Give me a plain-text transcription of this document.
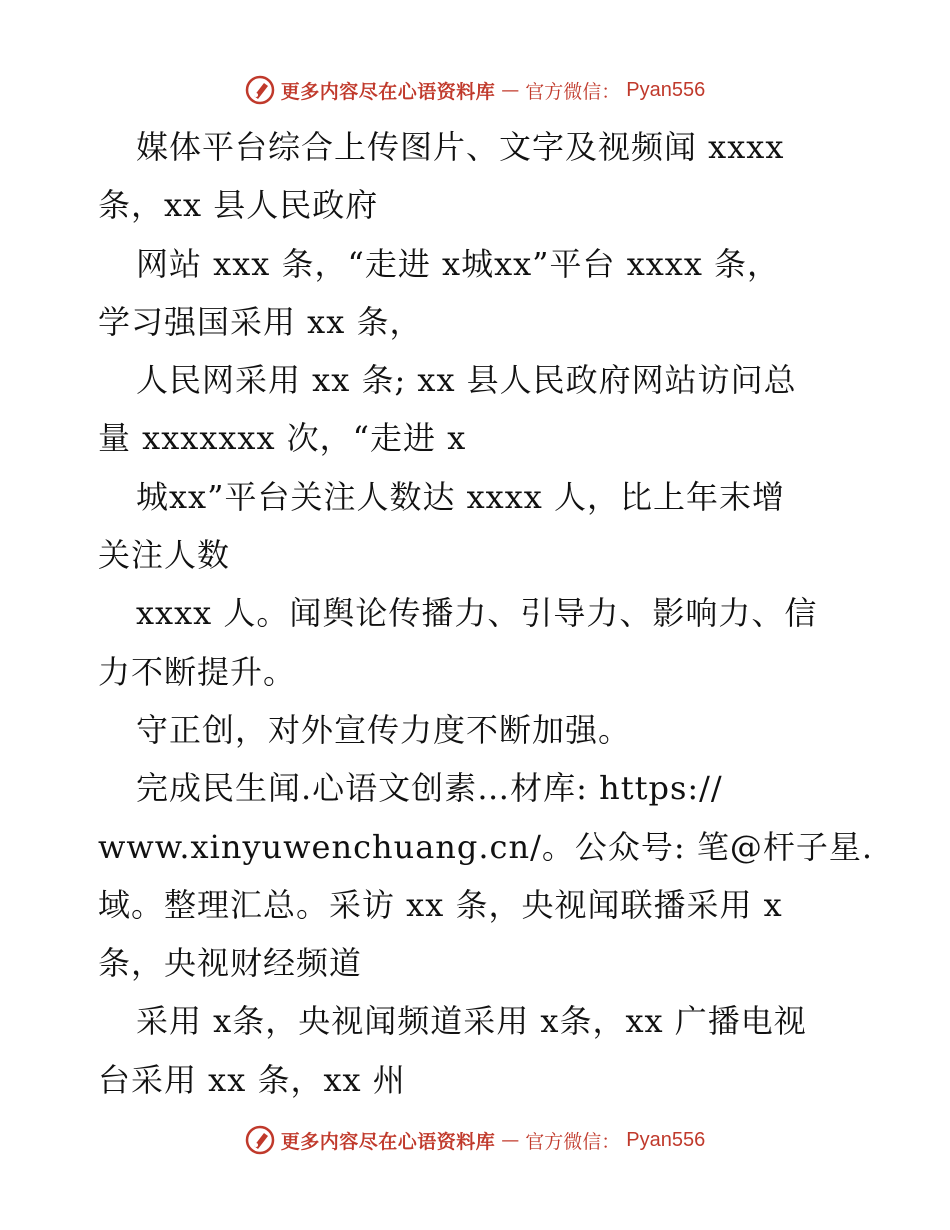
更多内容尽在心语资料库 — 官方微信： Pyan556
媒体平台综合上传图片、文字及视频闻 xxxx
条，xx 县人民政府
网站 xxx 条，“走进 x城xx”平台 xxxx 条，
学习强国采用 xx 条，
人民网采用 xx 条; xx 县人民政府网站访问总
量 xxxxxxx 次，“走进 x
城xx”平台关注人数达 xxxx 人，比上年末增
关注人数
xxxx 人。闻舆论传播力、引导力、影响力、信
力不断提升。
守正创，对外宣传力度不断加强。
完成民生闻.心语文创素…材库: https://
www.xinyuwenchuang.cn/。公众号: 笔@杆子星.
域。整理汇总。采访 xx 条，央视闻联播采用 x
条，央视财经频道
采用 x条，央视闻频道采用 x条，xx 广播电视
台采用 xx 条，xx 州
更多内容尽在心语资料库 — 官方微信： Pyan556
